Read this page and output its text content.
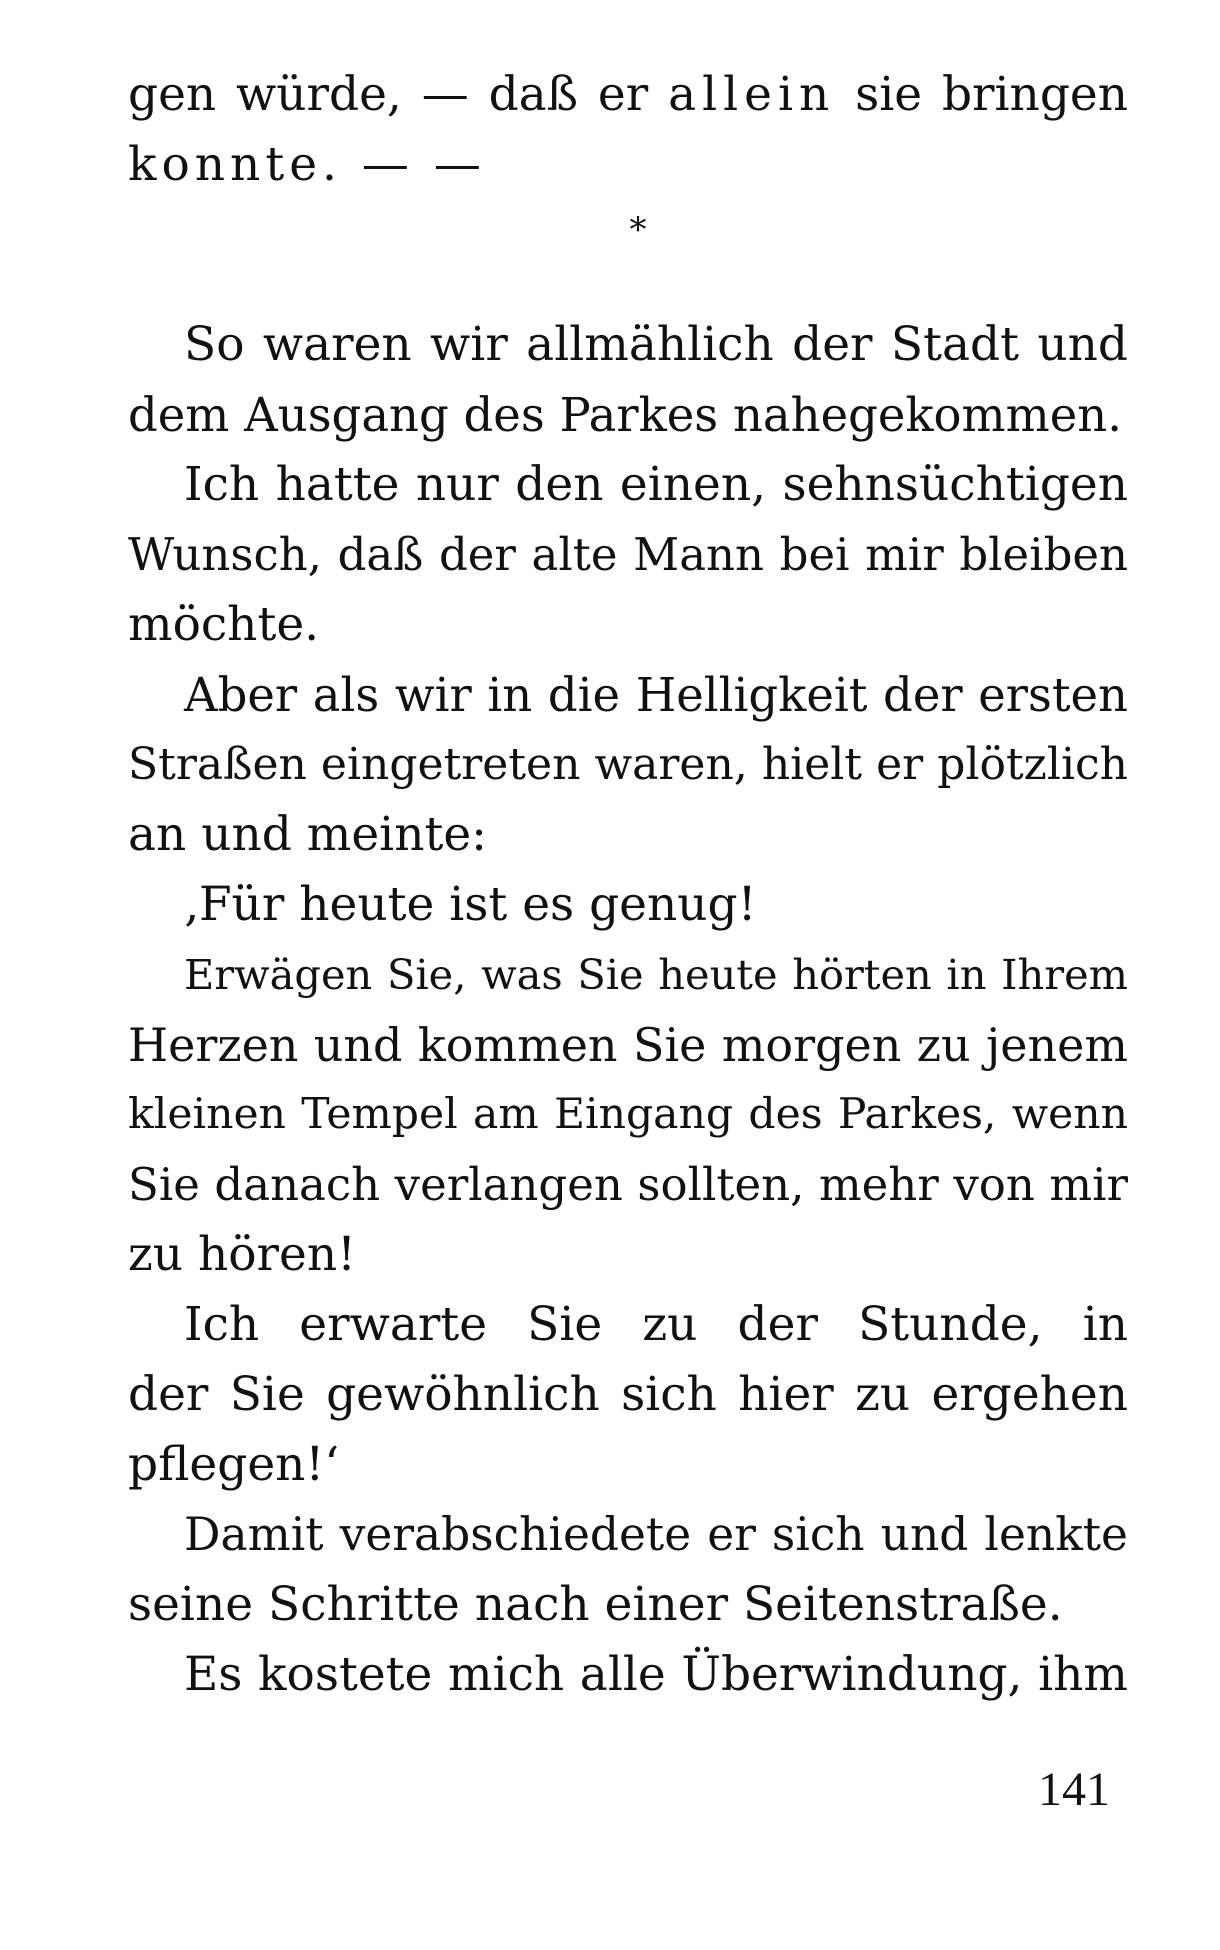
gen würde, — daß er allein sie bringen
konnte. — —
*
So waren wir allmählich der Stadt und
dem Ausgang des Parkes nahegekommen.
Ich hatte nur den einen, sehnsüchtigen
Wunsch, daß der alte Mann bei mir bleiben
möchte.
Aber als wir in die Helligkeit der ersten
Straßen eingetreten waren, hielt er plötzlich
an und meinte:
‚Für heute ist es genug!
Erwägen Sie, was Sie heute hörten in Ihrem
Herzen und kommen Sie morgen zu jenem
kleinen Tempel am Eingang des Parkes, wenn
Sie danach verlangen sollten, mehr von mir
zu hören!
Ich erwarte Sie zu der Stunde, in
der Sie gewöhnlich sich hier zu ergehen
pflegen!‘
Damit verabschiedete er sich und lenkte
seine Schritte nach einer Seitenstraße.
Es kostete mich alle Überwindung, ihm
141
